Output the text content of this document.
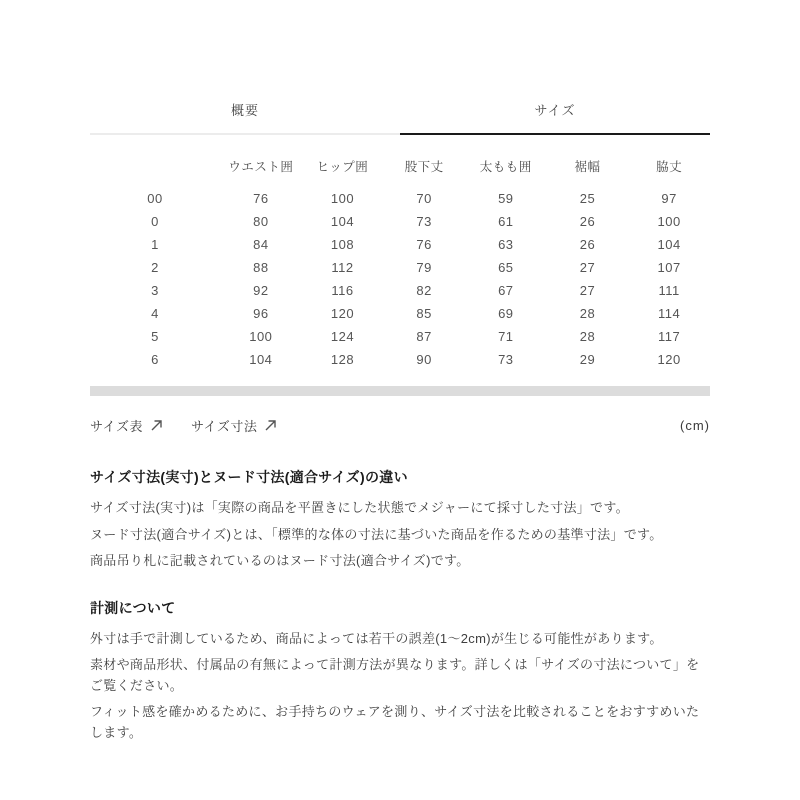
概要	サイズ
	ウエスト囲	ヒップ囲	股下丈	太もも囲	裾幅	脇丈
00	76	100	70	59	25	97
0	80	104	73	61	26	100
1	84	108	76	63	26	104
2	88	112	79	65	27	107
3	92	116	82	67	27	111
4	96	120	85	69	28	114
5	100	124	87	71	28	117
6	104	128	90	73	29	120
サイズ表	サイズ寸法	(cm)
サイズ寸法(実寸)とヌード寸法(適合サイズ)の違い

サイズ寸法(実寸)は「実際の商品を平置きにした状態でメジャーにて採寸した寸法」です。

ヌード寸法(適合サイズ)とは、「標準的な体の寸法に基づいた商品を作るための基準寸法」です。

商品吊り札に記載されているのはヌード寸法(適合サイズ)です。

計測について

外寸は手で計測しているため、商品によっては若干の誤差(1〜2cm)が生じる可能性があります。

素材や商品形状、付属品の有無によって計測方法が異なります。詳しくは「サイズの寸法について」をご覧ください。

フィット感を確かめるために、お手持ちのウェアを測り、サイズ寸法を比較されることをおすすめいたします。
